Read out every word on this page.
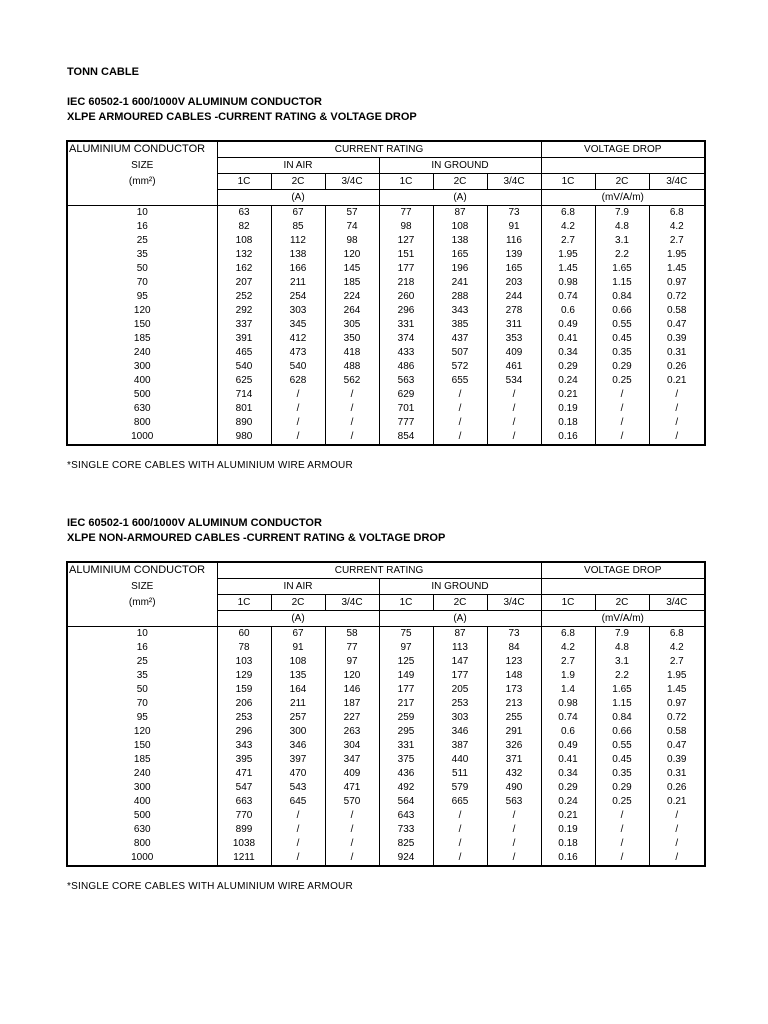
TONN CABLE
IEC 60502-1 600/1000V ALUMINUM CONDUCTOR
XLPE ARMOURED CABLES -CURRENT RATING & VOLTAGE DROP
ALUMINIUM CONDUCTOR	CURRENT RATING						VOLTAGE DROP		
SIZE	IN AIR			IN GROUND					
(mm²)	1C	2C	3/4C	1C	2C	3/4C	1C	2C	3/4C
	(A)			(A)			(mV/A/m)		
10	63	67	57	77	87	73	6.8	7.9	6.8
16	82	85	74	98	108	91	4.2	4.8	4.2
25	108	112	98	127	138	116	2.7	3.1	2.7
35	132	138	120	151	165	139	1.95	2.2	1.95
50	162	166	145	177	196	165	1.45	1.65	1.45
70	207	211	185	218	241	203	0.98	1.15	0.97
95	252	254	224	260	288	244	0.74	0.84	0.72
120	292	303	264	296	343	278	0.6	0.66	0.58
150	337	345	305	331	385	311	0.49	0.55	0.47
185	391	412	350	374	437	353	0.41	0.45	0.39
240	465	473	418	433	507	409	0.34	0.35	0.31
300	540	540	488	486	572	461	0.29	0.29	0.26
400	625	628	562	563	655	534	0.24	0.25	0.21
500	714	/	/	629	/	/	0.21	/	/
630	801	/	/	701	/	/	0.19	/	/
800	890	/	/	777	/	/	0.18	/	/
1000	980	/	/	854	/	/	0.16	/	/
*SINGLE CORE CABLES WITH ALUMINIUM WIRE ARMOUR
IEC 60502-1 600/1000V ALUMINUM CONDUCTOR
XLPE NON-ARMOURED CABLES -CURRENT RATING & VOLTAGE DROP
ALUMINIUM CONDUCTOR	CURRENT RATING						VOLTAGE DROP		
SIZE	IN AIR			IN GROUND					
(mm²)	1C	2C	3/4C	1C	2C	3/4C	1C	2C	3/4C
	(A)			(A)			(mV/A/m)		
10	60	67	58	75	87	73	6.8	7.9	6.8
16	78	91	77	97	113	84	4.2	4.8	4.2
25	103	108	97	125	147	123	2.7	3.1	2.7
35	129	135	120	149	177	148	1.9	2.2	1.95
50	159	164	146	177	205	173	1.4	1.65	1.45
70	206	211	187	217	253	213	0.98	1.15	0.97
95	253	257	227	259	303	255	0.74	0.84	0.72
120	296	300	263	295	346	291	0.6	0.66	0.58
150	343	346	304	331	387	326	0.49	0.55	0.47
185	395	397	347	375	440	371	0.41	0.45	0.39
240	471	470	409	436	511	432	0.34	0.35	0.31
300	547	543	471	492	579	490	0.29	0.29	0.26
400	663	645	570	564	665	563	0.24	0.25	0.21
500	770	/	/	643	/	/	0.21	/	/
630	899	/	/	733	/	/	0.19	/	/
800	1038	/	/	825	/	/	0.18	/	/
1000	1211	/	/	924	/	/	0.16	/	/
*SINGLE CORE CABLES WITH ALUMINIUM WIRE ARMOUR
